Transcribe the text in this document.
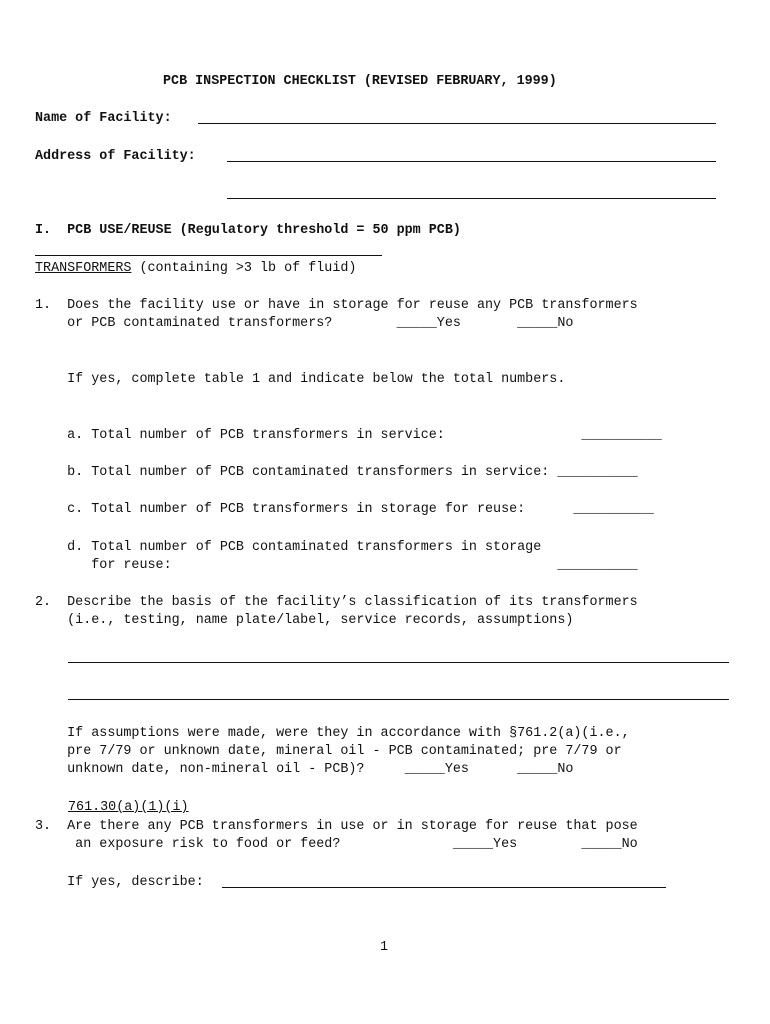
PCB INSPECTION CHECKLIST (REVISED FEBRUARY, 1999)
Name of Facility:
Address of Facility:
I.  PCB USE/REUSE (Regulatory threshold = 50 ppm PCB)
TRANSFORMERS (containing >3 lb of fluid)
1.  Does the facility use or have in storage for reuse any PCB transformers
or PCB contaminated transformers?        _____Yes       _____No
If yes, complete table 1 and indicate below the total numbers.
a. Total number of PCB transformers in service:                 __________
b. Total number of PCB contaminated transformers in service: __________
c. Total number of PCB transformers in storage for reuse:      __________
d. Total number of PCB contaminated transformers in storage
for reuse:                                                __________
2.  Describe the basis of the facility’s classification of its transformers
(i.e., testing, name plate/label, service records, assumptions)
If assumptions were made, were they in accordance with §761.2(a)(i.e.,
pre 7/79 or unknown date, mineral oil - PCB contaminated; pre 7/79 or
unknown date, non-mineral oil - PCB)?     _____Yes      _____No
761.30(a)(1)(i)
3.  Are there any PCB transformers in use or in storage for reuse that pose
an exposure risk to food or feed?              _____Yes        _____No
If yes, describe:
1
